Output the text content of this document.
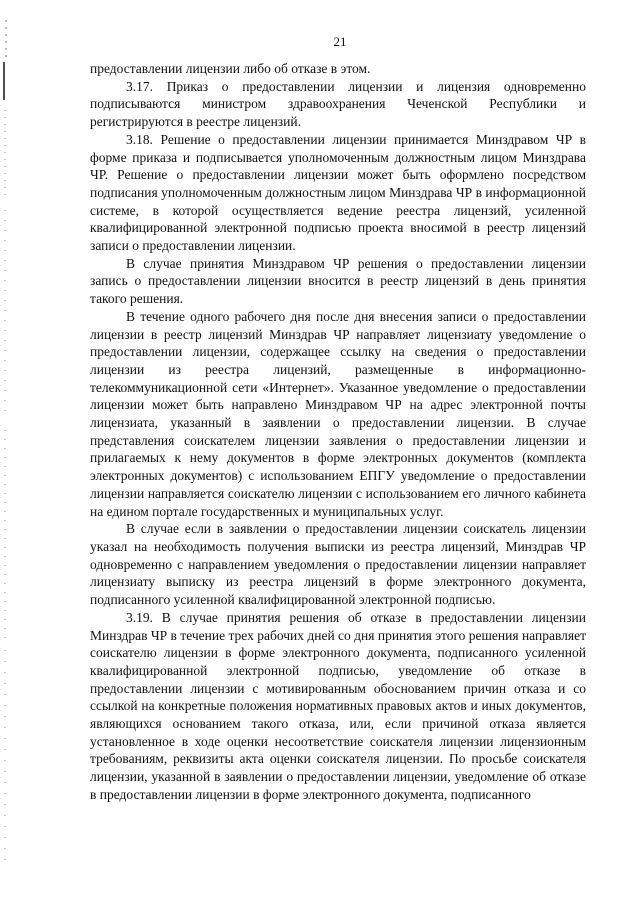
21

предоставлении лицензии либо об отказе в этом.

3.17. Приказ о предоставлении лицензии и лицензия одновременно подписываются министром здравоохранения Чеченской Республики и регистрируются в реестре лицензий.

3.18. Решение о предоставлении лицензии принимается Минздравом ЧР в форме приказа и подписывается уполномоченным должностным лицом Минздрава ЧР. Решение о предоставлении лицензии может быть оформлено посредством подписания уполномоченным должностным лицом Минздрава ЧР в информационной системе, в которой осуществляется ведение реестра лицензий, усиленной квалифицированной электронной подписью проекта вносимой в реестр лицензий записи о предоставлении лицензии.

В случае принятия Минздравом ЧР решения о предоставлении лицензии запись о предоставлении лицензии вносится в реестр лицензий в день принятия такого решения.

В течение одного рабочего дня после дня внесения записи о предоставлении лицензии в реестр лицензий Минздрав ЧР направляет лицензиату уведомление о предоставлении лицензии, содержащее ссылку на сведения о предоставлении лицензии из реестра лицензий, размещенные в информационно-телекоммуникационной сети «Интернет». Указанное уведомление о предоставлении лицензии может быть направлено Минздравом ЧР на адрес электронной почты лицензиата, указанный в заявлении о предоставлении лицензии. В случае представления соискателем лицензии заявления о предоставлении лицензии и прилагаемых к нему документов в форме электронных документов (комплекта электронных документов) с использованием ЕПГУ уведомление о предоставлении лицензии направляется соискателю лицензии с использованием его личного кабинета на едином портале государственных и муниципальных услуг.

В случае если в заявлении о предоставлении лицензии соискатель лицензии указал на необходимость получения выписки из реестра лицензий, Минздрав ЧР одновременно с направлением уведомления о предоставлении лицензии направляет лицензиату выписку из реестра лицензий в форме электронного документа, подписанного усиленной квалифицированной электронной подписью.

3.19. В случае принятия решения об отказе в предоставлении лицензии Минздрав ЧР в течение трех рабочих дней со дня принятия этого решения направляет соискателю лицензии в форме электронного документа, подписанного усиленной квалифицированной электронной подписью, уведомление об отказе в предоставлении лицензии с мотивированным обоснованием причин отказа и со ссылкой на конкретные положения нормативных правовых актов и иных документов, являющихся основанием такого отказа, или, если причиной отказа является установленное в ходе оценки несоответствие соискателя лицензии лицензионным требованиям, реквизиты акта оценки соискателя лицензии. По просьбе соискателя лицензии, указанной в заявлении о предоставлении лицензии, уведомление об отказе в предоставлении лицензии в форме электронного документа, подписанного
